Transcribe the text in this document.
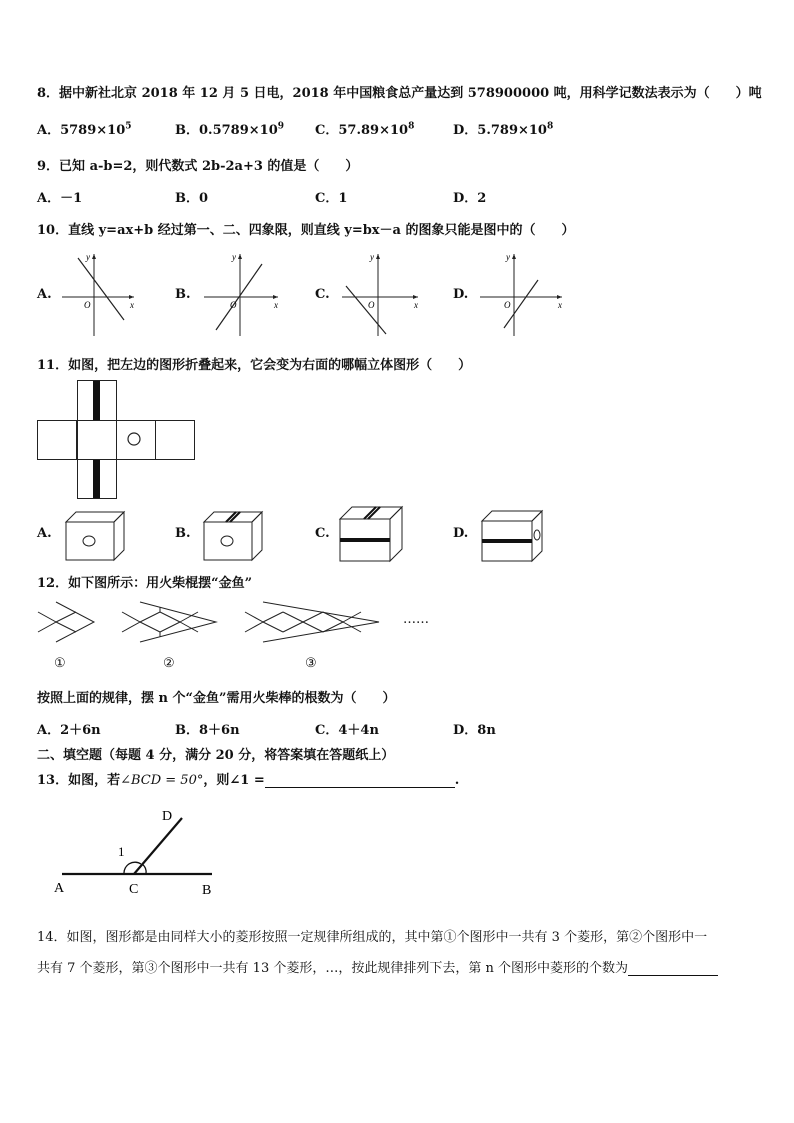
8．据中新社北京 2018 年 12 月 5 日电，2018 年中国粮食总产量达到 578900000 吨，用科学记数法表示为（　　）吨
A．$5789\times 10^5$	B．$0.5789\times 10^9$ C．$57.89\times 10^8$	D．$5.789\times 10^8$
9．已知 a-b=2，则代数式 2b-2a+3 的值是（　　）
A．－1	B．0	C．1	D．2
10．直线 y=ax+b 经过第一、二、四象限，则直线 y=bx－a 的图象只能是图中的（　　）
A.
y
x
O
B.
y
x
O
C.
y
x
O
D.
y
x
O
11．如图，把左边的图形折叠起来，它会变为右面的哪幅立体图形（　　）
A.	B.	C.	D.
12．如下图所示：用火柴棍摆“金鱼”
……
①	②	③
按照上面的规律，摆 n 个“金鱼”需用火柴棒的根数为（　　）
A．2＋6n	B．8＋6n	C．4＋4n	D．8n
二、填空题（每题 4 分，满分 20 分，将答案填在答题纸上）
13．如图，若∠BCD = 50°，则∠1 =	.
A	C	B
D
1
14．如图，图形都是由同样大小的菱形按照一定规律所组成的，其中第①个图形中一共有 3 个菱形，第②个图形中一
共有 7 个菱形，第③个图形中一共有 13 个菱形，…，按此规律排列下去，第 n 个图形中菱形的个数为
